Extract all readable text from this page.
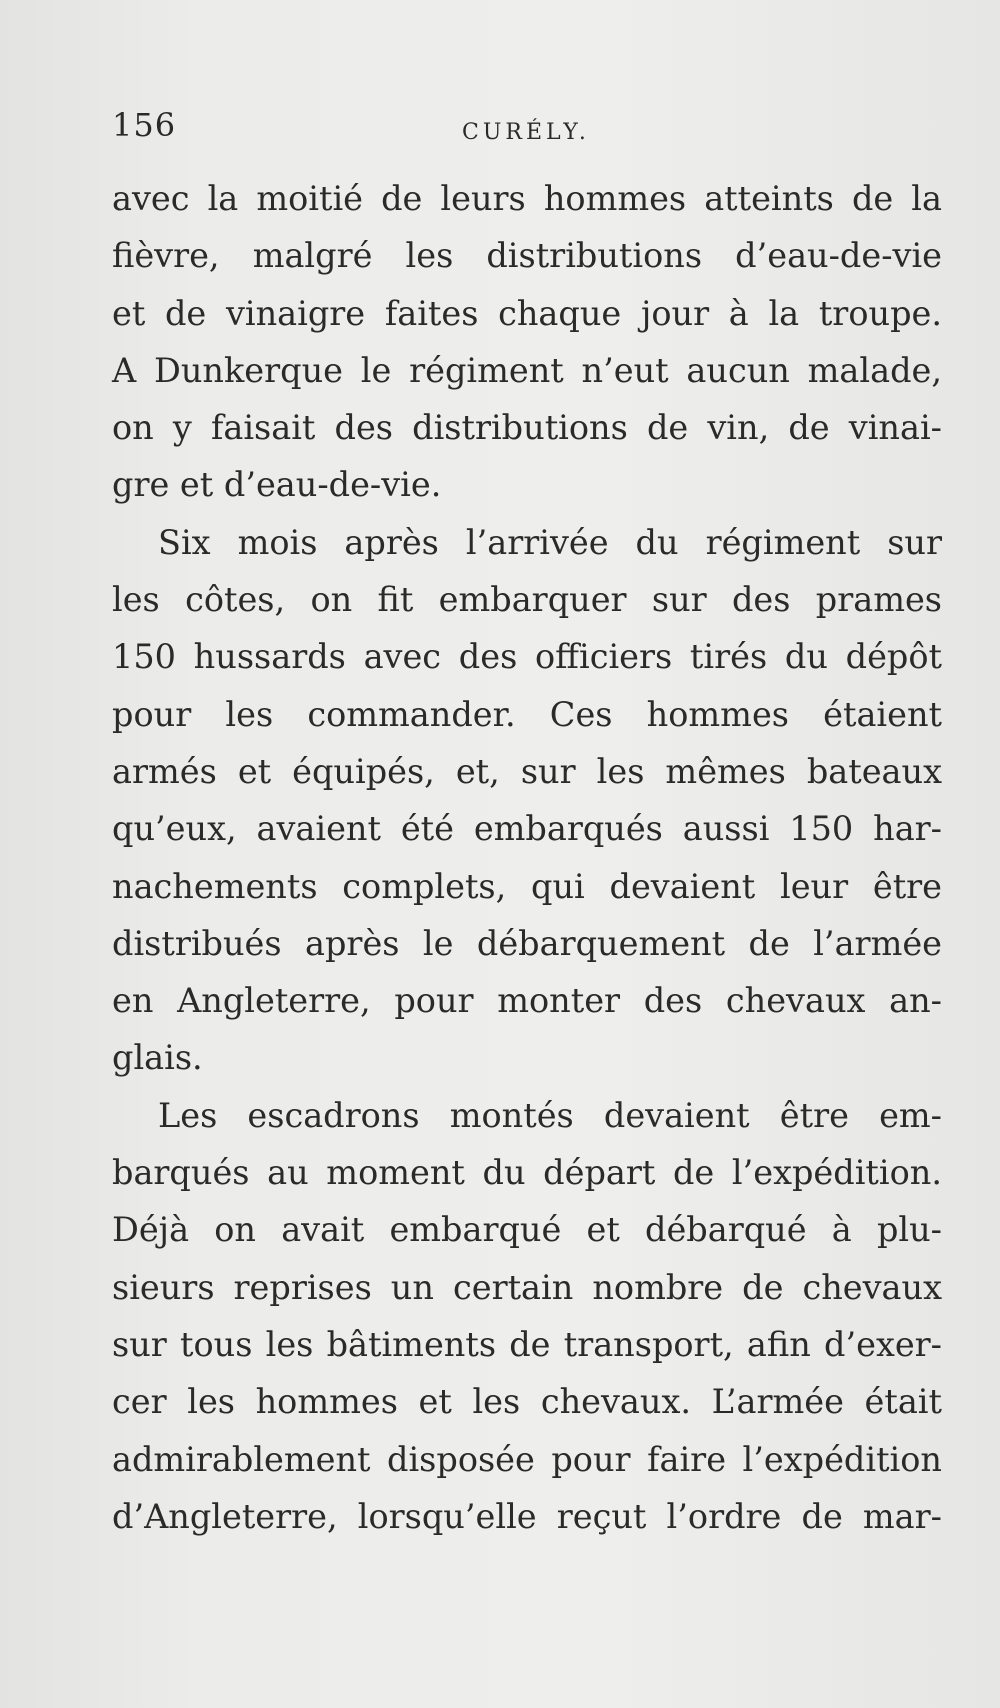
156	CURÉLY.
avec la moitié de leurs hommes atteints de la
fièvre, malgré les distributions d’eau-de-vie
et de vinaigre faites chaque jour à la troupe.
A Dunkerque le régiment n’eut aucun malade,
on y faisait des distributions de vin, de vinai-
gre et d’eau-de-vie.
Six mois après l’arrivée du régiment sur
les côtes, on fit embarquer sur des prames
150 hussards avec des officiers tirés du dépôt
pour les commander. Ces hommes étaient
armés et équipés, et, sur les mêmes bateaux
qu’eux, avaient été embarqués aussi 150 har-
nachements complets, qui devaient leur être
distribués après le débarquement de l’armée
en Angleterre, pour monter des chevaux an-
glais.
Les escadrons montés devaient être em-
barqués au moment du départ de l’expédition.
Déjà on avait embarqué et débarqué à plu-
sieurs reprises un certain nombre de chevaux
sur tous les bâtiments de transport, afin d’exer-
cer les hommes et les chevaux. L’armée était
admirablement disposée pour faire l’expédition
d’Angleterre, lorsqu’elle reçut l’ordre de mar-
